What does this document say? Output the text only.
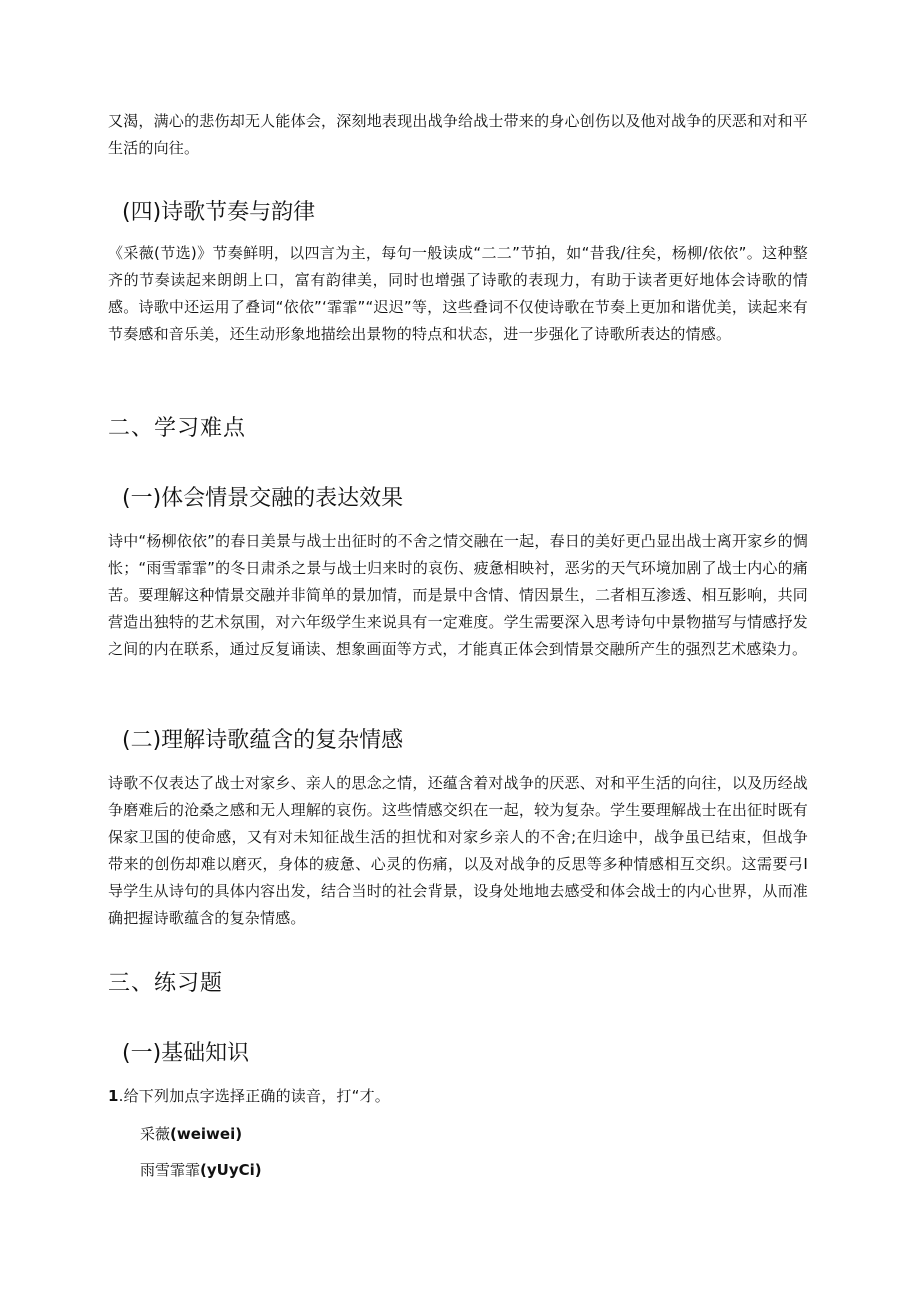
又渴，满心的悲伤却无人能体会，深刻地表现出战争给战士带来的身心创伤以及他对战争的厌恶和对和平生活的向往。

(四)诗歌节奏与韵律

《采薇(节选)》节奏鲜明，以四言为主，每句一般读成“二二”节拍，如“昔我/往矣，杨柳/依依”。这种整齐的节奏读起来朗朗上口，富有韵律美，同时也增强了诗歌的表现力，有助于读者更好地体会诗歌的情感。诗歌中还运用了叠词“依依”‘霏霏”“迟迟”等，这些叠词不仅使诗歌在节奏上更加和谐优美，读起来有节奏感和音乐美，还生动形象地描绘出景物的特点和状态，进一步强化了诗歌所表达的情感。

二、学习难点
(一)体会情景交融的表达效果

诗中“杨柳依依”的春日美景与战士出征时的不舍之情交融在一起，春日的美好更凸显出战士离开家乡的惆怅；“雨雪霏霏”的冬日肃杀之景与战士归来时的哀伤、疲惫相映衬，恶劣的天气环境加剧了战士内心的痛苦。要理解这种情景交融并非简单的景加情，而是景中含情、情因景生，二者相互渗透、相互影响，共同营造出独特的艺术氛围，对六年级学生来说具有一定难度。学生需要深入思考诗句中景物描写与情感抒发之间的内在联系，通过反复诵读、想象画面等方式，才能真正体会到情景交融所产生的强烈艺术感染力。

(二)理解诗歌蕴含的复杂情感

诗歌不仅表达了战士对家乡、亲人的思念之情，还蕴含着对战争的厌恶、对和平生活的向往，以及历经战争磨难后的沧桑之感和无人理解的哀伤。这些情感交织在一起，较为复杂。学生要理解战士在出征时既有保家卫国的使命感，又有对未知征战生活的担忧和对家乡亲人的不舍;在归途中，战争虽已结束，但战争带来的创伤却难以磨灭，身体的疲惫、心灵的伤痛，以及对战争的反思等多种情感相互交织。这需要弓I导学生从诗句的具体内容出发，结合当时的社会背景，设身处地地去感受和体会战士的内心世界，从而准确把握诗歌蕴含的复杂情感。

三、练习题
(一)基础知识
1.给下列加点字选择正确的读音，打“才。
采薇(weiwei)
雨雪霏霏(yUyCi)
